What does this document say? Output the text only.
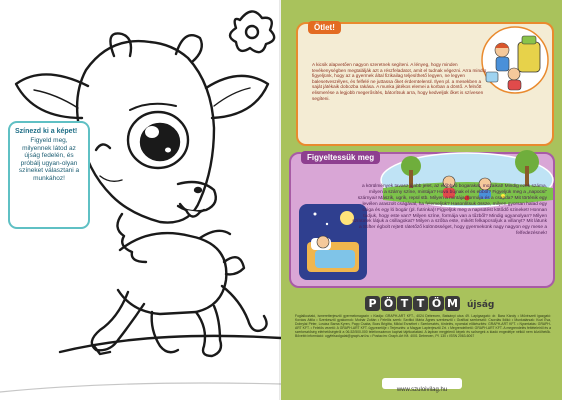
Színezd ki a képet!
Figyeld meg, milyennek látod az újság fedelén, és próbálj ugyan-olyan színeket választani a munkához!
Ötlet!
A kicsik alapvetően nagyon szeretnek segíteni. A lényeg, hogy minden tevékenységben megtalálják azt a részfeladatot, amit el tudnak végezni. Arra mindig figyeljünk, hogy az a gyermek által fizikailag teljesíthető legyen, ne legyen balesetveszélyes, és felfelé ne juttassa őket érdemtelenül. Ilyen pl. a mesekben a saját játékaik dobozba rakása. A munka játékos elemei a korban a döntő. A felnőtt elismerése a legjobb megerősítés, bátorítsuk arra, hogy kedveljük őket is szívesen segíteni.
Figyeltessük meg
a körülmények tavasz újabb jelet, az előbbvó bogarakat, mozaikat! Mindig ezek száma, milyen a szárny színe, mintája? Hová bújnak el és ebből? Figyeljük meg a „napocsi” szárnyai! Mászik, ugrik, repül stb. Milyen a mintája, formája és a csapda? Mit történik egy levélen araszolt cságával, ha felemeljük? Hasonlítsuk össze, milyen gyorsan halad egy csiga és egy ló bogár (pl. futrinka)! Figyeljük meg a napsütést kötődő szineket! Honnan tudjuk, hogy este van? Milyen színe, formája van a tűzből? Mindig ugyanolyan? Milyen színünek látjuk a csillagokat? Milyen a szőba este, mikétt felkapcsoljuk a villanyt? Mit látunk a Stifter égbolt rejtett rátetőző különösséget, hogy gyermekünk nagy nagyon egy mese a felfedezésnek!
P Ö T T Ö M újság
Foglalkoztató, ismeretterjesztő gyermekmagazin • Kiadja: GRAPH-ART KFT., 4024 Debrecen, Batsányi utca 49. Lapigazgató: dr. Bara Károly • Művészeti igazgató: Kovács Attila • Szerkesztő gyakornok: Molnár Zoltán • Felelős szerk: Szvitkó Mária Ágnes szerkesztő • Grafikai szerkesztő: Csordás Ildikó • Munkatársak: Kozi Éva, Dobrylai Péter, Lovász Barna Kyren, Papp Csaba, Bozs Brigitta, Miklai Erzsébet • Szerkesztés, tördelés, nyomdai előkészítés: GRAPH-ART KFT. • Nyomtatás: GRAPH-ART KFT. • Felelős vezető: A GRAPH-ART KFT. ügyvezetője • Terjesztés: a Magyar Lapterjesztő Zrt. • Megrendelhető: GRAPH-ART KFT. A megrendelés feltételeiről és a szerkesztőség elérhetőségéről a 06-52/500-000 telefonszámon kaphat tájékoztatást. A lapban megjelenő képek és szövegek a kiadó engedélye nélkül nem közölhetők. Bővebb információ: ugyfelszolgalat@graph-art.hu • Postacím: Graph-Art Kft. 4001 Debrecen, Pf. 130 • ISSN 2063-6067
www.szuloivilag.hu
